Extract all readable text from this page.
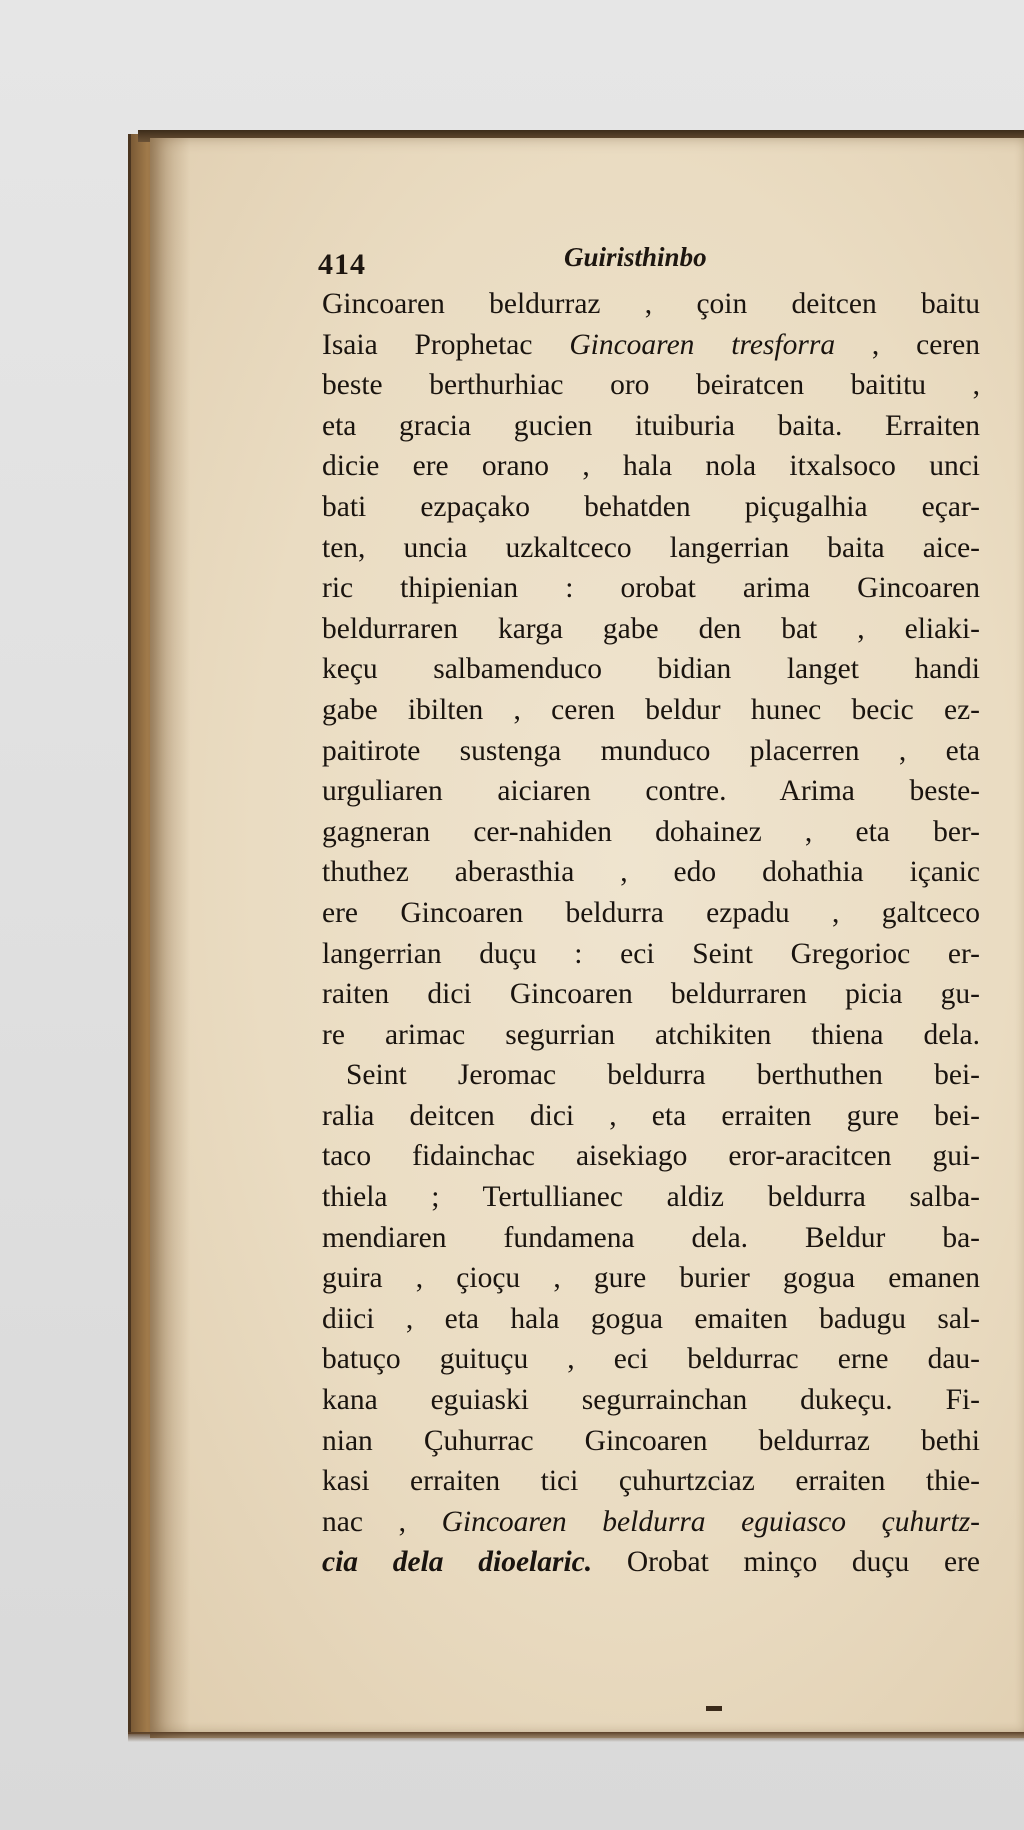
414	Guiristhinbo
Gincoaren beldurraz , çoin deitcen baitu
Isaia Prophetac Gincoaren tresforra , ceren
beste berthurhiac oro beiratcen baititu ,
eta gracia gucien ituiburia baita. Erraiten
dicie ere orano , hala nola itxalsoco unci
bati ezpaçako behatden piçugalhia eçar-
ten, uncia uzkaltceco langerrian baita aice-
ric thipienian : orobat arima Gincoaren
beldurraren karga gabe den bat , eliaki-
keçu salbamenduco bidian langet handi
gabe ibilten , ceren beldur hunec becic ez-
paitirote sustenga munduco placerren , eta
urguliaren aiciaren contre. Arima beste-
gagneran cer-nahiden dohainez , eta ber-
thuthez aberasthia , edo dohathia içanic
ere Gincoaren beldurra ezpadu , galtceco
langerrian duçu : eci Seint Gregorioc er-
raiten dici Gincoaren beldurraren picia gu-
re arimac segurrian atchikiten thiena dela.
Seint Jeromac beldurra berthuthen bei-
ralia deitcen dici , eta erraiten gure bei-
taco fidainchac aisekiago eror-aracitcen gui-
thiela ; Tertullianec aldiz beldurra salba-
mendiaren fundamena dela. Beldur ba-
guira , çioçu , gure burier gogua emanen
diici , eta hala gogua emaiten badugu sal-
batuço guituçu , eci beldurrac erne dau-
kana eguiaski segurrainchan dukeçu. Fi-
nian Çuhurrac Gincoaren beldurraz bethi
kasi erraiten tici çuhurtzciaz erraiten thie-
nac , Gincoaren beldurra eguiasco çuhurtz-
cia dela dioelaric. Orobat minço duçu ere
